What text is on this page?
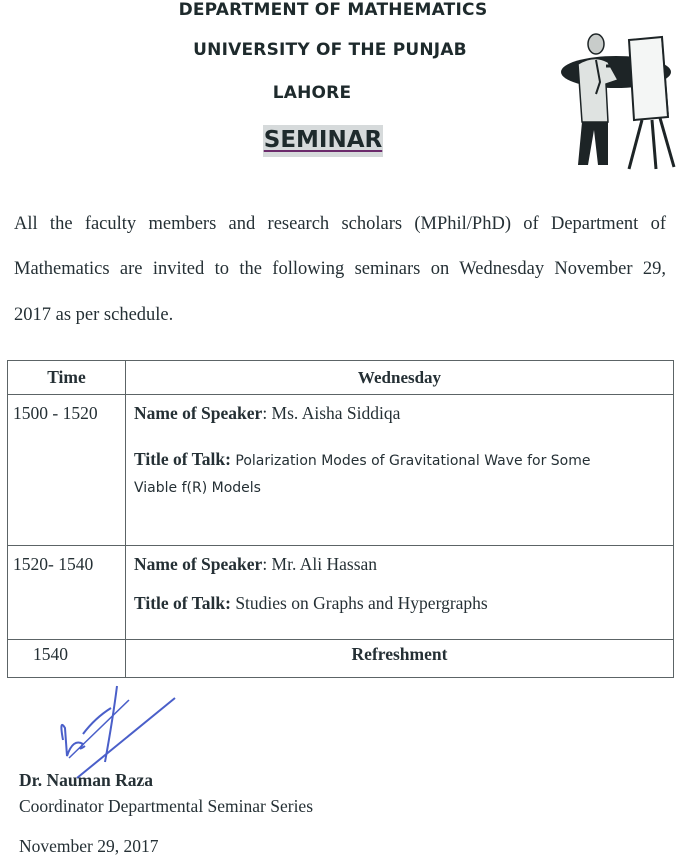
DEPARTMENT OF MATHEMATICS
UNIVERSITY OF THE PUNJAB
LAHORE
SEMINAR
All the faculty members and research scholars (MPhil/PhD) of Department of
Mathematics are invited to the following seminars on Wednesday November 29,
2017 as per schedule.
Time	Wednesday
1500 - 1520	Name of Speaker: Ms. Aisha Siddiqa
Title of Talk: Polarization Modes of Gravitational Wave for Some Viable f(R) Models

1520- 1540	Name of Speaker: Mr. Ali Hassan
Title of Talk: Studies on Graphs and Hypergraphs

1540	Refreshment
Dr. Nauman Raza
Coordinator Departmental Seminar Series
November 29, 2017
